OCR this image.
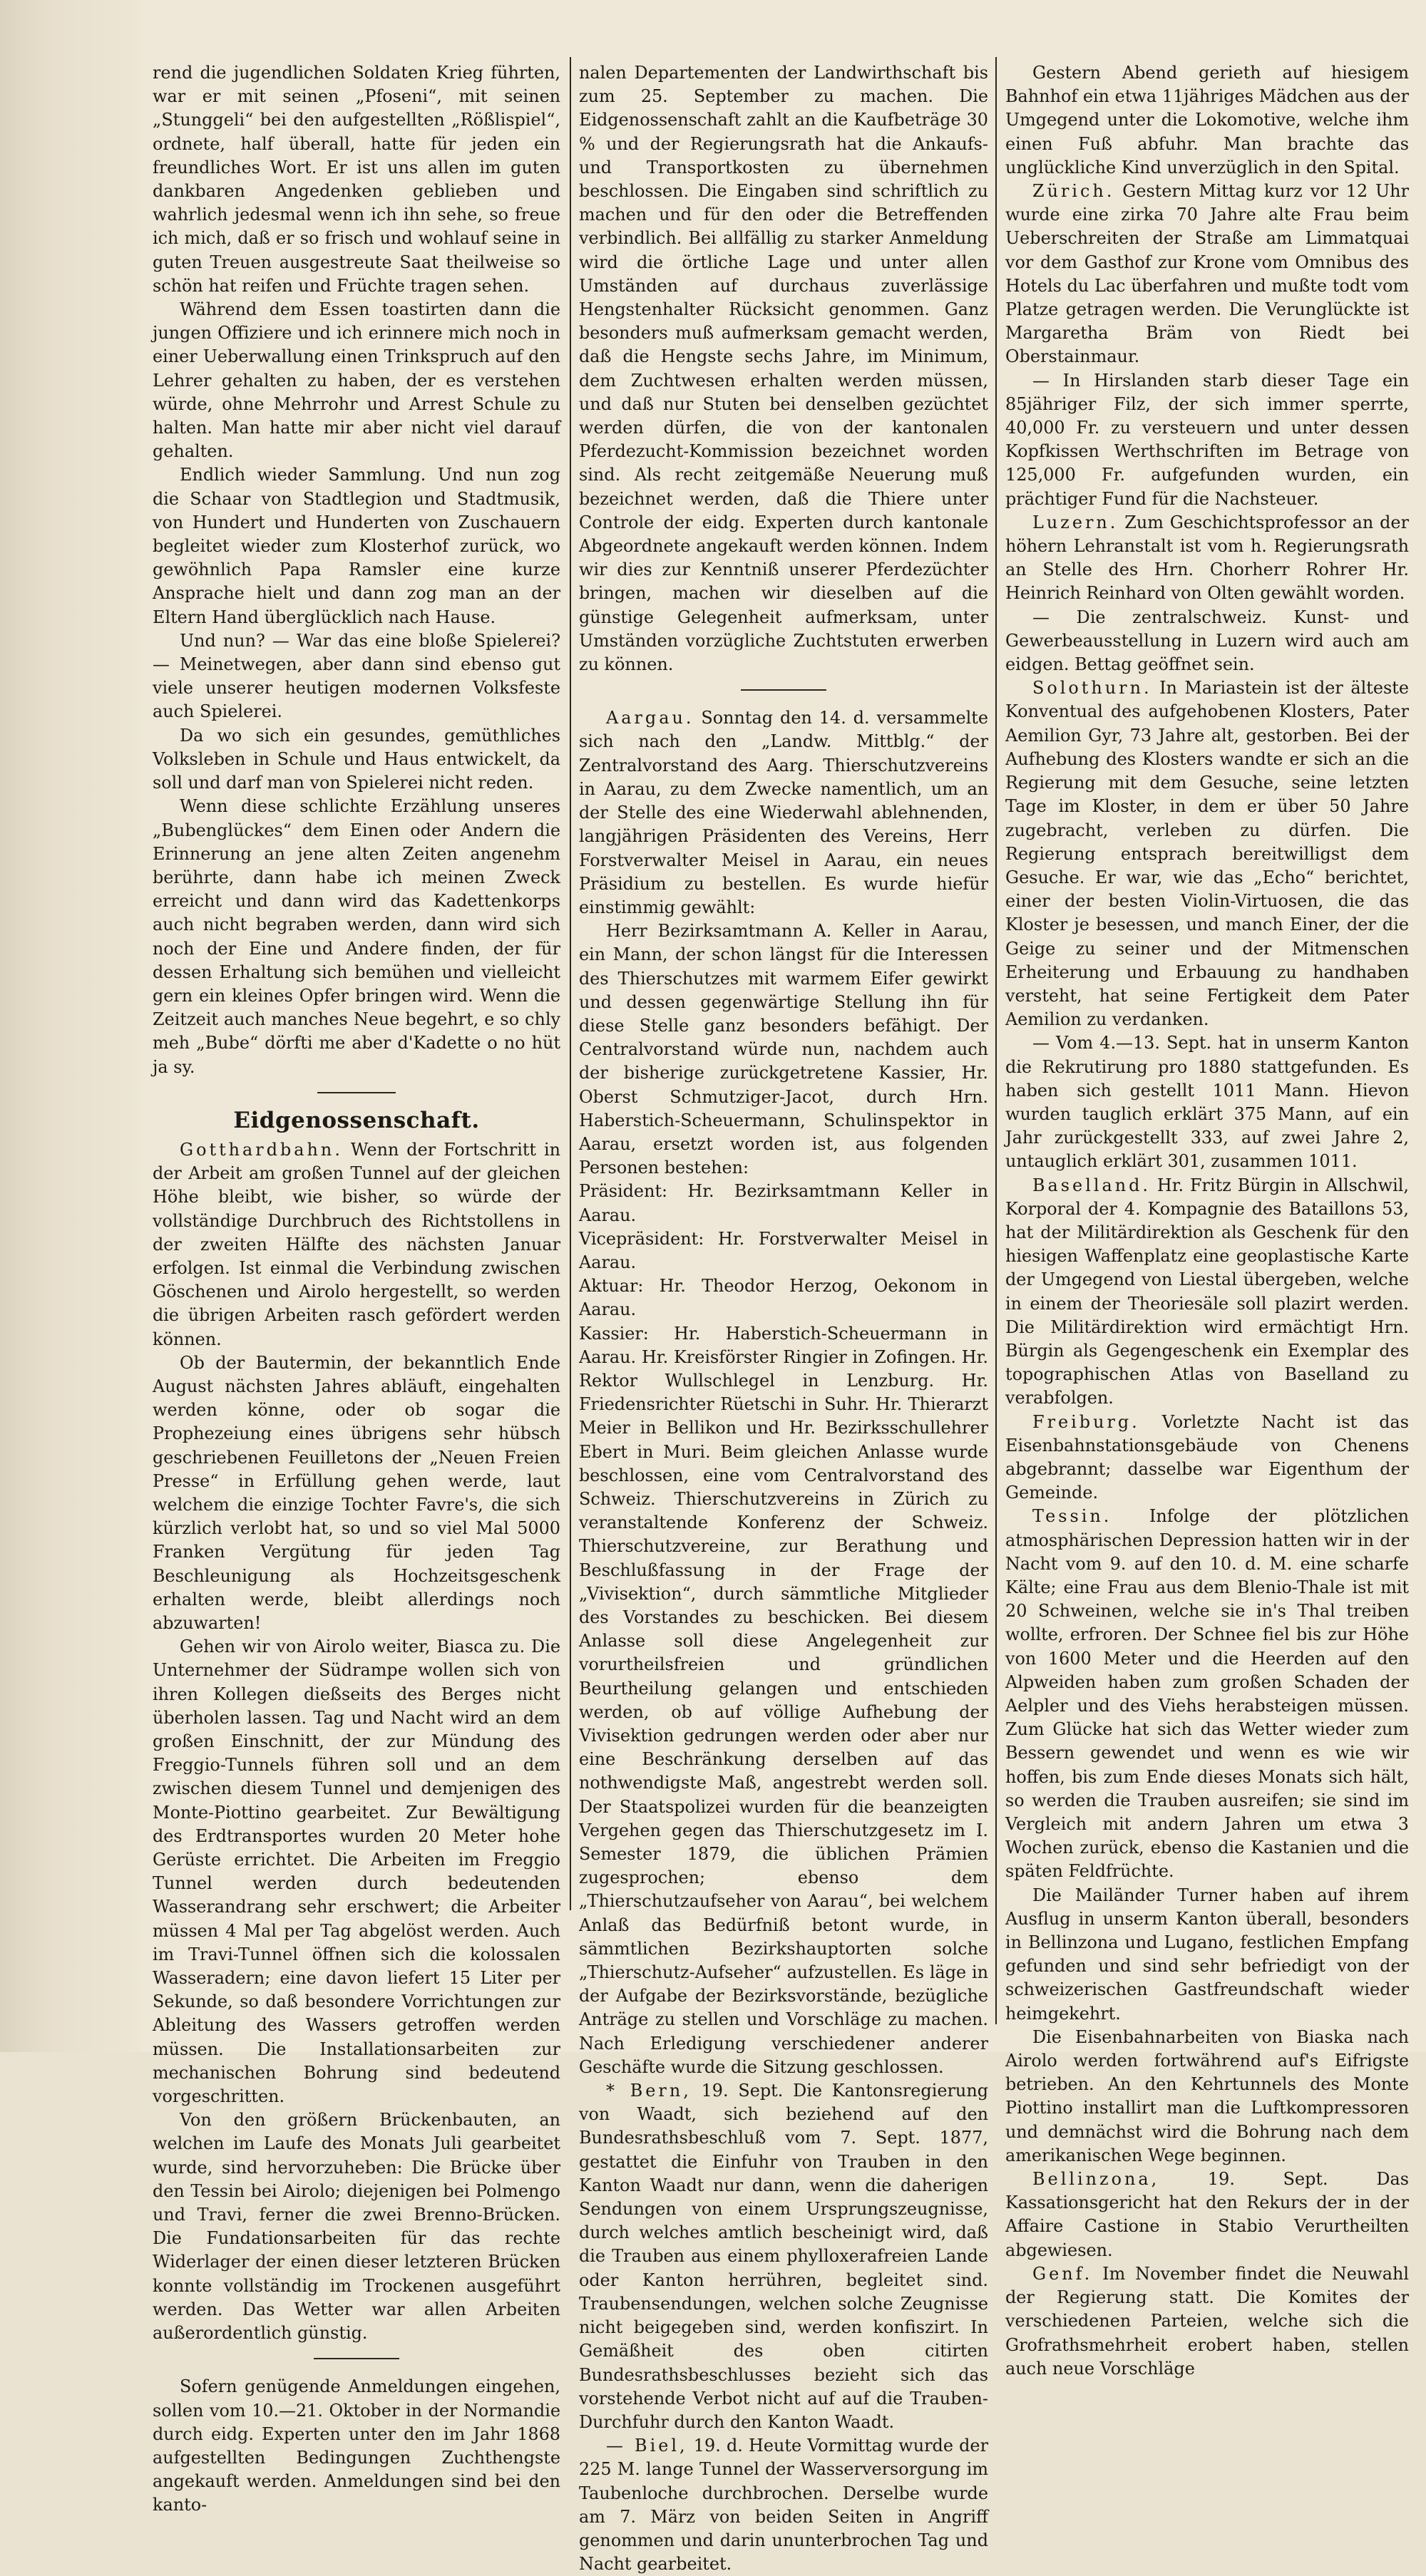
rend die jugendlichen Soldaten Krieg führten, war er mit seinen „Pfoseni“, mit seinen „Stunggeli“ bei den aufgestellten „Rößlispiel“, ordnete, half überall, hatte für jeden ein freundliches Wort. Er ist uns allen im guten dankbaren Angedenken geblieben und wahrlich jedesmal wenn ich ihn sehe, so freue ich mich, daß er so frisch und wohlauf seine in guten Treuen ausgestreute Saat theilweise so schön hat reifen und Früchte tragen sehen.

Während dem Essen toastirten dann die jungen Offiziere und ich erinnere mich noch in einer Ueberwallung einen Trinkspruch auf den Lehrer gehalten zu haben, der es verstehen würde, ohne Mehrrohr und Arrest Schule zu halten. Man hatte mir aber nicht viel darauf gehalten.

Endlich wieder Sammlung. Und nun zog die Schaar von Stadtlegion und Stadtmusik, von Hundert und Hunderten von Zuschauern begleitet wieder zum Klosterhof zurück, wo gewöhnlich Papa Ramsler eine kurze Ansprache hielt und dann zog man an der Eltern Hand überglücklich nach Hause.

Und nun? — War das eine bloße Spielerei? — Meinetwegen, aber dann sind ebenso gut viele unserer heutigen modernen Volksfeste auch Spielerei.

Da wo sich ein gesundes, gemüthliches Volksleben in Schule und Haus entwickelt, da soll und darf man von Spielerei nicht reden.

Wenn diese schlichte Erzählung unseres „Bubenglückes“ dem Einen oder Andern die Erinnerung an jene alten Zeiten angenehm berührte, dann habe ich meinen Zweck erreicht und dann wird das Kadettenkorps auch nicht begraben werden, dann wird sich noch der Eine und Andere finden, der für dessen Erhaltung sich bemühen und vielleicht gern ein kleines Opfer bringen wird. Wenn die Zeitzeit auch manches Neue begehrt, e so chly meh „Bube“ dörfti me aber d'Kadette o no hüt ja sy.

Eidgenossenschaft.

Gotthardbahn. Wenn der Fortschritt in der Arbeit am großen Tunnel auf der gleichen Höhe bleibt, wie bisher, so würde der vollständige Durchbruch des Richtstollens in der zweiten Hälfte des nächsten Januar erfolgen. Ist einmal die Verbindung zwischen Göschenen und Airolo hergestellt, so werden die übrigen Arbeiten rasch gefördert werden können.

Ob der Bautermin, der bekanntlich Ende August nächsten Jahres abläuft, eingehalten werden könne, oder ob sogar die Prophezeiung eines übrigens sehr hübsch geschriebenen Feuilletons der „Neuen Freien Presse“ in Erfüllung gehen werde, laut welchem die einzige Tochter Favre's, die sich kürzlich verlobt hat, so und so viel Mal 5000 Franken Vergütung für jeden Tag Beschleunigung als Hochzeitsgeschenk erhalten werde, bleibt allerdings noch abzuwarten!

Gehen wir von Airolo weiter, Biasca zu. Die Unternehmer der Südrampe wollen sich von ihren Kollegen dießseits des Berges nicht überholen lassen. Tag und Nacht wird an dem großen Einschnitt, der zur Mündung des Freggio-Tunnels führen soll und an dem zwischen diesem Tunnel und demjenigen des Monte-Piottino gearbeitet. Zur Bewältigung des Erdtransportes wurden 20 Meter hohe Gerüste errichtet. Die Arbeiten im Freggio Tunnel werden durch bedeutenden Wasserandrang sehr erschwert; die Arbeiter müssen 4 Mal per Tag abgelöst werden. Auch im Travi-Tunnel öffnen sich die kolossalen Wasseradern; eine davon liefert 15 Liter per Sekunde, so daß besondere Vorrichtungen zur Ableitung des Wassers getroffen werden müssen. Die Installationsarbeiten zur mechanischen Bohrung sind bedeutend vorgeschritten.

Von den größern Brückenbauten, an welchen im Laufe des Monats Juli gearbeitet wurde, sind hervorzuheben: Die Brücke über den Tessin bei Airolo; diejenigen bei Polmengo und Travi, ferner die zwei Brenno-Brücken. Die Fundationsarbeiten für das rechte Widerlager der einen dieser letzteren Brücken konnte vollständig im Trockenen ausgeführt werden. Das Wetter war allen Arbeiten außerordentlich günstig.

Sofern genügende Anmeldungen eingehen, sollen vom 10.—21. Oktober in der Normandie durch eidg. Experten unter den im Jahr 1868 aufgestellten Bedingungen Zuchthengste angekauft werden. Anmeldungen sind bei den kanto-

nalen Departementen der Landwirthschaft bis zum 25. September zu machen. Die Eidgenossenschaft zahlt an die Kaufbeträge 30 % und der Regierungsrath hat die Ankaufs- und Transportkosten zu übernehmen beschlossen. Die Eingaben sind schriftlich zu machen und für den oder die Betreffenden verbindlich. Bei allfällig zu starker Anmeldung wird die örtliche Lage und unter allen Umständen auf durchaus zuverlässige Hengstenhalter Rücksicht genommen. Ganz besonders muß aufmerksam gemacht werden, daß die Hengste sechs Jahre, im Minimum, dem Zuchtwesen erhalten werden müssen, und daß nur Stuten bei denselben gezüchtet werden dürfen, die von der kantonalen Pferdezucht-Kommission bezeichnet worden sind. Als recht zeitgemäße Neuerung muß bezeichnet werden, daß die Thiere unter Controle der eidg. Experten durch kantonale Abgeordnete angekauft werden können. Indem wir dies zur Kenntniß unserer Pferdezüchter bringen, machen wir dieselben auf die günstige Gelegenheit aufmerksam, unter Umständen vorzügliche Zuchtstuten erwerben zu können.

Aargau. Sonntag den 14. d. versammelte sich nach den „Landw. Mittblg.“ der Zentralvorstand des Aarg. Thierschutzvereins in Aarau, zu dem Zwecke namentlich, um an der Stelle des eine Wiederwahl ablehnenden, langjährigen Präsidenten des Vereins, Herr Forstverwalter Meisel in Aarau, ein neues Präsidium zu bestellen. Es wurde hiefür einstimmig gewählt:

Herr Bezirksamtmann A. Keller in Aarau, ein Mann, der schon längst für die Interessen des Thierschutzes mit warmem Eifer gewirkt und dessen gegenwärtige Stellung ihn für diese Stelle ganz besonders befähigt. Der Centralvorstand würde nun, nachdem auch der bisherige zurückgetretene Kassier, Hr. Oberst Schmutziger-Jacot, durch Hrn. Haberstich-Scheuermann, Schulinspektor in Aarau, ersetzt worden ist, aus folgenden Personen bestehen:

Präsident: Hr. Bezirksamtmann Keller in Aarau.

Vicepräsident: Hr. Forstverwalter Meisel in Aarau.

Aktuar: Hr. Theodor Herzog, Oekonom in Aarau.

Kassier: Hr. Haberstich-Scheuermann in Aarau. Hr. Kreisförster Ringier in Zofingen. Hr. Rektor Wullschlegel in Lenzburg. Hr. Friedensrichter Rüetschi in Suhr. Hr. Thierarzt Meier in Bellikon und Hr. Bezirksschullehrer Ebert in Muri. Beim gleichen Anlasse wurde beschlossen, eine vom Centralvorstand des Schweiz. Thierschutzvereins in Zürich zu veranstaltende Konferenz der Schweiz. Thierschutzvereine, zur Berathung und Beschlußfassung in der Frage der „Vivisektion“, durch sämmtliche Mitglieder des Vorstandes zu beschicken. Bei diesem Anlasse soll diese Angelegenheit zur vorurtheilsfreien und gründlichen Beurtheilung gelangen und entschieden werden, ob auf völlige Aufhebung der Vivisektion gedrungen werden oder aber nur eine Beschränkung derselben auf das nothwendigste Maß, angestrebt werden soll. Der Staatspolizei wurden für die beanzeigten Vergehen gegen das Thierschutzgesetz im I. Semester 1879, die üblichen Prämien zugesprochen; ebenso dem „Thierschutzaufseher von Aarau“, bei welchem Anlaß das Bedürfniß betont wurde, in sämmtlichen Bezirkshauptorten solche „Thierschutz-Aufseher“ aufzustellen. Es läge in der Aufgabe der Bezirksvorstände, bezügliche Anträge zu stellen und Vorschläge zu machen. Nach Erledigung verschiedener anderer Geschäfte wurde die Sitzung geschlossen.

* Bern, 19. Sept. Die Kantonsregierung von Waadt, sich beziehend auf den Bundesrathsbeschluß vom 7. Sept. 1877, gestattet die Einfuhr von Trauben in den Kanton Waadt nur dann, wenn die daherigen Sendungen von einem Ursprungszeugnisse, durch welches amtlich bescheinigt wird, daß die Trauben aus einem phylloxerafreien Lande oder Kanton herrühren, begleitet sind. Traubensendungen, welchen solche Zeugnisse nicht beigegeben sind, werden konfiszirt. In Gemäßheit des oben citirten Bundesrathsbeschlusses bezieht sich das vorstehende Verbot nicht auf auf die Trauben-Durchfuhr durch den Kanton Waadt.

— Biel, 19. d. Heute Vormittag wurde der 225 M. lange Tunnel der Wasserversorgung im Taubenloche durchbrochen. Derselbe wurde am 7. März von beiden Seiten in Angriff genommen und darin ununterbrochen Tag und Nacht gearbeitet.

Gestern Abend gerieth auf hiesigem Bahnhof ein etwa 11jähriges Mädchen aus der Umgegend unter die Lokomotive, welche ihm einen Fuß abfuhr. Man brachte das unglückliche Kind unverzüglich in den Spital.

Zürich. Gestern Mittag kurz vor 12 Uhr wurde eine zirka 70 Jahre alte Frau beim Ueberschreiten der Straße am Limmatquai vor dem Gasthof zur Krone vom Omnibus des Hotels du Lac überfahren und mußte todt vom Platze getragen werden. Die Verunglückte ist Margaretha Bräm von Riedt bei Oberstainmaur.

— In Hirslanden starb dieser Tage ein 85jähriger Filz, der sich immer sperrte, 40,000 Fr. zu versteuern und unter dessen Kopfkissen Werthschriften im Betrage von 125,000 Fr. aufgefunden wurden, ein prächtiger Fund für die Nachsteuer.

Luzern. Zum Geschichtsprofessor an der höhern Lehranstalt ist vom h. Regierungsrath an Stelle des Hrn. Chorherr Rohrer Hr. Heinrich Reinhard von Olten gewählt worden.

— Die zentralschweiz. Kunst- und Gewerbeausstellung in Luzern wird auch am eidgen. Bettag geöffnet sein.

Solothurn. In Mariastein ist der älteste Konventual des aufgehobenen Klosters, Pater Aemilion Gyr, 73 Jahre alt, gestorben. Bei der Aufhebung des Klosters wandte er sich an die Regierung mit dem Gesuche, seine letzten Tage im Kloster, in dem er über 50 Jahre zugebracht, verleben zu dürfen. Die Regierung entsprach bereitwilligst dem Gesuche. Er war, wie das „Echo“ berichtet, einer der besten Violin-Virtuosen, die das Kloster je besessen, und manch Einer, der die Geige zu seiner und der Mitmenschen Erheiterung und Erbauung zu handhaben versteht, hat seine Fertigkeit dem Pater Aemilion zu verdanken.

— Vom 4.—13. Sept. hat in unserm Kanton die Rekrutirung pro 1880 stattgefunden. Es haben sich gestellt 1011 Mann. Hievon wurden tauglich erklärt 375 Mann, auf ein Jahr zurückgestellt 333, auf zwei Jahre 2, untauglich erklärt 301, zusammen 1011.

Baselland. Hr. Fritz Bürgin in Allschwil, Korporal der 4. Kompagnie des Bataillons 53, hat der Militärdirektion als Geschenk für den hiesigen Waffenplatz eine geoplastische Karte der Umgegend von Liestal übergeben, welche in einem der Theoriesäle soll plazirt werden. Die Militärdirektion wird ermächtigt Hrn. Bürgin als Gegengeschenk ein Exemplar des topographischen Atlas von Baselland zu verabfolgen.

Freiburg. Vorletzte Nacht ist das Eisenbahnstationsgebäude von Chenens abgebrannt; dasselbe war Eigenthum der Gemeinde.

Tessin. Infolge der plötzlichen atmosphärischen Depression hatten wir in der Nacht vom 9. auf den 10. d. M. eine scharfe Kälte; eine Frau aus dem Blenio-Thale ist mit 20 Schweinen, welche sie in's Thal treiben wollte, erfroren. Der Schnee fiel bis zur Höhe von 1600 Meter und die Heerden auf den Alpweiden haben zum großen Schaden der Aelpler und des Viehs herabsteigen müssen. Zum Glücke hat sich das Wetter wieder zum Bessern gewendet und wenn es wie wir hoffen, bis zum Ende dieses Monats sich hält, so werden die Trauben ausreifen; sie sind im Vergleich mit andern Jahren um etwa 3 Wochen zurück, ebenso die Kastanien und die späten Feldfrüchte.

Die Mailänder Turner haben auf ihrem Ausflug in unserm Kanton überall, besonders in Bellinzona und Lugano, festlichen Empfang gefunden und sind sehr befriedigt von der schweizerischen Gastfreundschaft wieder heimgekehrt.

Die Eisenbahnarbeiten von Biaska nach Airolo werden fortwährend auf's Eifrigste betrieben. An den Kehrtunnels des Monte Piottino installirt man die Luftkompressoren und demnächst wird die Bohrung nach dem amerikanischen Wege beginnen.

Bellinzona,	19. Sept. Das Kassationsgericht hat den Rekurs der in der Affaire Castione in Stabio Verurtheilten abgewiesen.

Genf. Im November findet die Neuwahl der Regierung statt. Die Komites der verschiedenen Parteien, welche sich die Grofrathsmehrheit erobert haben, stellen auch neue Vorschläge
